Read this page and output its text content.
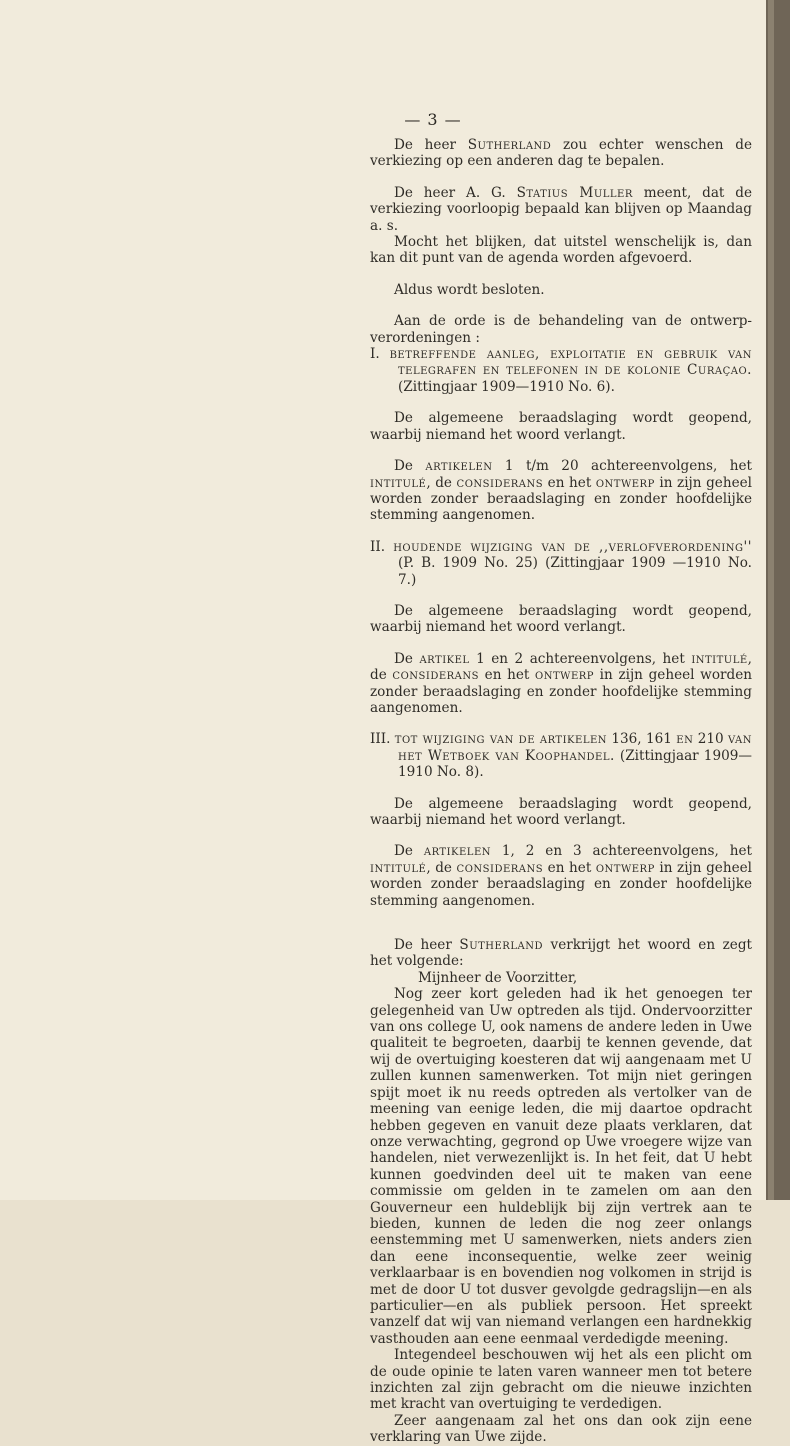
— 3 —

De heer Sutherland zou echter wenschen de verkiezing op een anderen dag te bepalen.

De heer A. G. Statius Muller meent, dat de verkiezing voorloopig bepaald kan blijven op Maandag a. s.

Mocht het blijken, dat uitstel wenschelijk is, dan kan dit punt van de agenda worden afgevoerd.

Aldus wordt besloten.

Aan de orde is de behandeling van de ontwerp-verordeningen :

I. betreffende aanleg, exploitatie en gebruik van telegrafen en telefonen in de kolonie Curaçao. (Zittingjaar 1909—1910 No. 6).

De algemeene beraadslaging wordt geopend, waarbij niemand het woord verlangt.

De artikelen 1 t/m 20 achtereenvolgens, het intitulé, de considerans en het ontwerp in zijn geheel worden zonder beraadslaging en zonder hoofdelijke stemming aangenomen.

II. houdende wijziging van de ,,verlofverordening'' (P. B. 1909 No. 25) (Zittingjaar 1909 —1910 No. 7.)

De algemeene beraadslaging wordt geopend, waarbij niemand het woord verlangt.

De artikel 1 en 2 achtereenvolgens, het intitulé, de considerans en het ontwerp in zijn geheel worden zonder beraadslaging en zonder hoofdelijke stemming aangenomen.

III. tot wijziging van de artikelen 136, 161 en 210 van het Wetboek van Koophandel. (Zittingjaar 1909—1910 No. 8).

De algemeene beraadslaging wordt geopend, waarbij niemand het woord verlangt.

De artikelen 1, 2 en 3 achtereenvolgens, het intitulé, de considerans en het ontwerp in zijn geheel worden zonder beraadslaging en zonder hoofdelijke stemming aangenomen.

De heer Sutherland verkrijgt het woord en zegt het volgende:

Mijnheer de Voorzitter,

Nog zeer kort geleden had ik het genoegen ter gelegenheid van Uw optreden als tijd. Ondervoorzitter van ons college U, ook namens de andere leden in Uwe qualiteit te begroeten, daarbij te kennen gevende, dat wij de overtuiging koesteren dat wij aangenaam met U zullen kunnen samenwerken. Tot mijn niet geringen spijt moet ik nu reeds optreden als vertolker van de meening van eenige leden, die mij daartoe opdracht hebben gegeven en vanuit deze plaats verklaren, dat onze verwachting, gegrond op Uwe vroegere wijze van handelen, niet verwezenlijkt is. In het feit, dat U hebt kunnen goedvinden deel uit te maken van eene commissie om gelden in te zamelen om aan den Gouverneur een huldeblijk bij zijn vertrek aan te bieden, kunnen de leden die nog zeer onlangs eenstemming met U samenwerken, niets anders zien dan eene inconsequentie, welke zeer weinig verklaarbaar is en bovendien nog volkomen in strijd is met de door U tot dusver gevolgde gedragslijn—en als particulier—en als publiek persoon. Het spreekt vanzelf dat wij van niemand verlangen een hardnekkig vasthouden aan eene eenmaal verdedigde meening.

Integendeel beschouwen wij het als een plicht om de oude opinie te laten varen wanneer men tot betere inzichten zal zijn gebracht om die nieuwe inzichten met kracht van overtuiging te verdedigen.

Zeer aangenaam zal het ons dan ook zijn eene verklaring van Uwe zijde.
